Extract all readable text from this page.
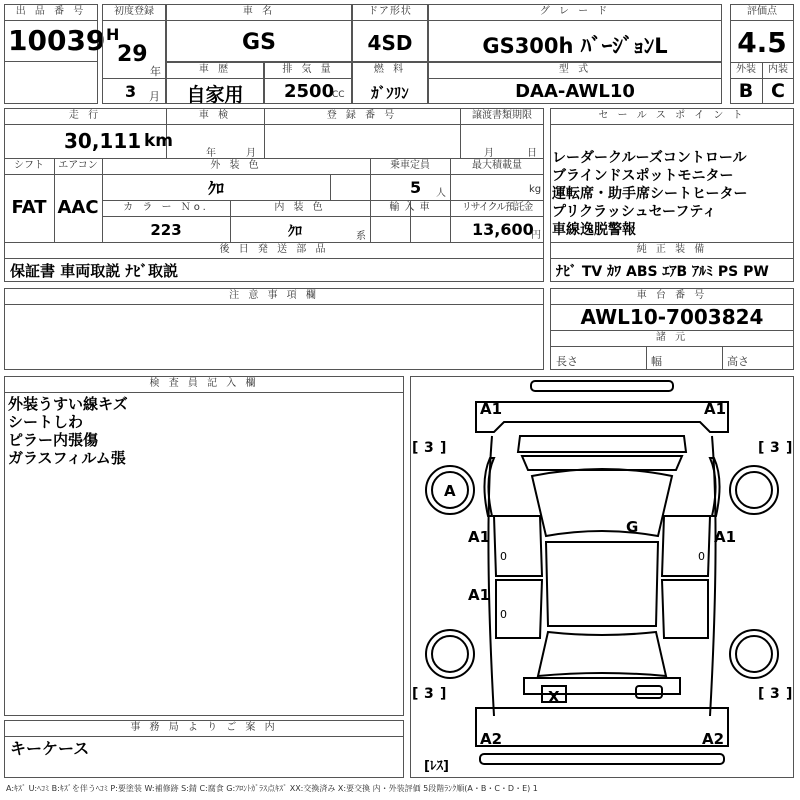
出 品 番 号
10039
初度登録
H
29
年
3 月
車 名
GS
車 歴
自家用
排 気 量
2500
CC
ドア形状
4SD
燃 料
ｶﾞｿﾘﾝ
グ レ ー ド
GS300h ﾊﾞｰｼﾞｮﾝL
型 式
DAA-AWL10
評価点
4.5
外装	内装
B C
走 行
30,111 km
車 検
年	月
登 録 番 号	譲渡書類期限
月	日
シフト	エアコン
FAT AAC
外 装 色
ｸﾛ
乗車定員
5 人
最大積載量
kg
カ ラ ー Ｎo.
223
内 装 色
ｸﾛ	系
輸 入 車	リサイクル預託金
13,600
円
後 日 発 送 部 品
保証書 車両取説 ﾅﾋﾞ取説
セ ー ル ス ポ イ ン ト
レーダークルーズコントロール
ブラインドスポットモニター
運転席・助手席シートヒーター
プリクラッシュセーフティ
車線逸脱警報
純 正 装 備
ﾅﾋﾞ TV ｶﾜ ABS ｴｱB ｱﾙﾐ PS PW
注 意 事 項 欄	車 台 番 号
AWL10-7003824
諸 元
長さ	幅	高さ
検 査 員 記 入 欄
外装うすい線キズ
シートしわ
ピラー内張傷
ガラスフィルム張
事 務 局 よ り ご 案 内
キーケース
A1	A1
A
G
A1	A1
A1
X
A2	A2
0	0
0
[ 3 ]	[ 3 ]
[ 3 ]	[ 3 ]
[ﾚｽ]
A:ｷｽﾞ U:ﾍｺﾐ B:ｷｽﾞを伴うﾍｺﾐ P:要塗装 W:補修跡 S:錆 C:腐食 G:ﾌﾛﾝﾄｶﾞﾗｽ点ｷｽﾞ XX:交換済み X:要交換 内・外装評価 5段階ﾗﾝｸ順(A・B・C・D・E) 1
